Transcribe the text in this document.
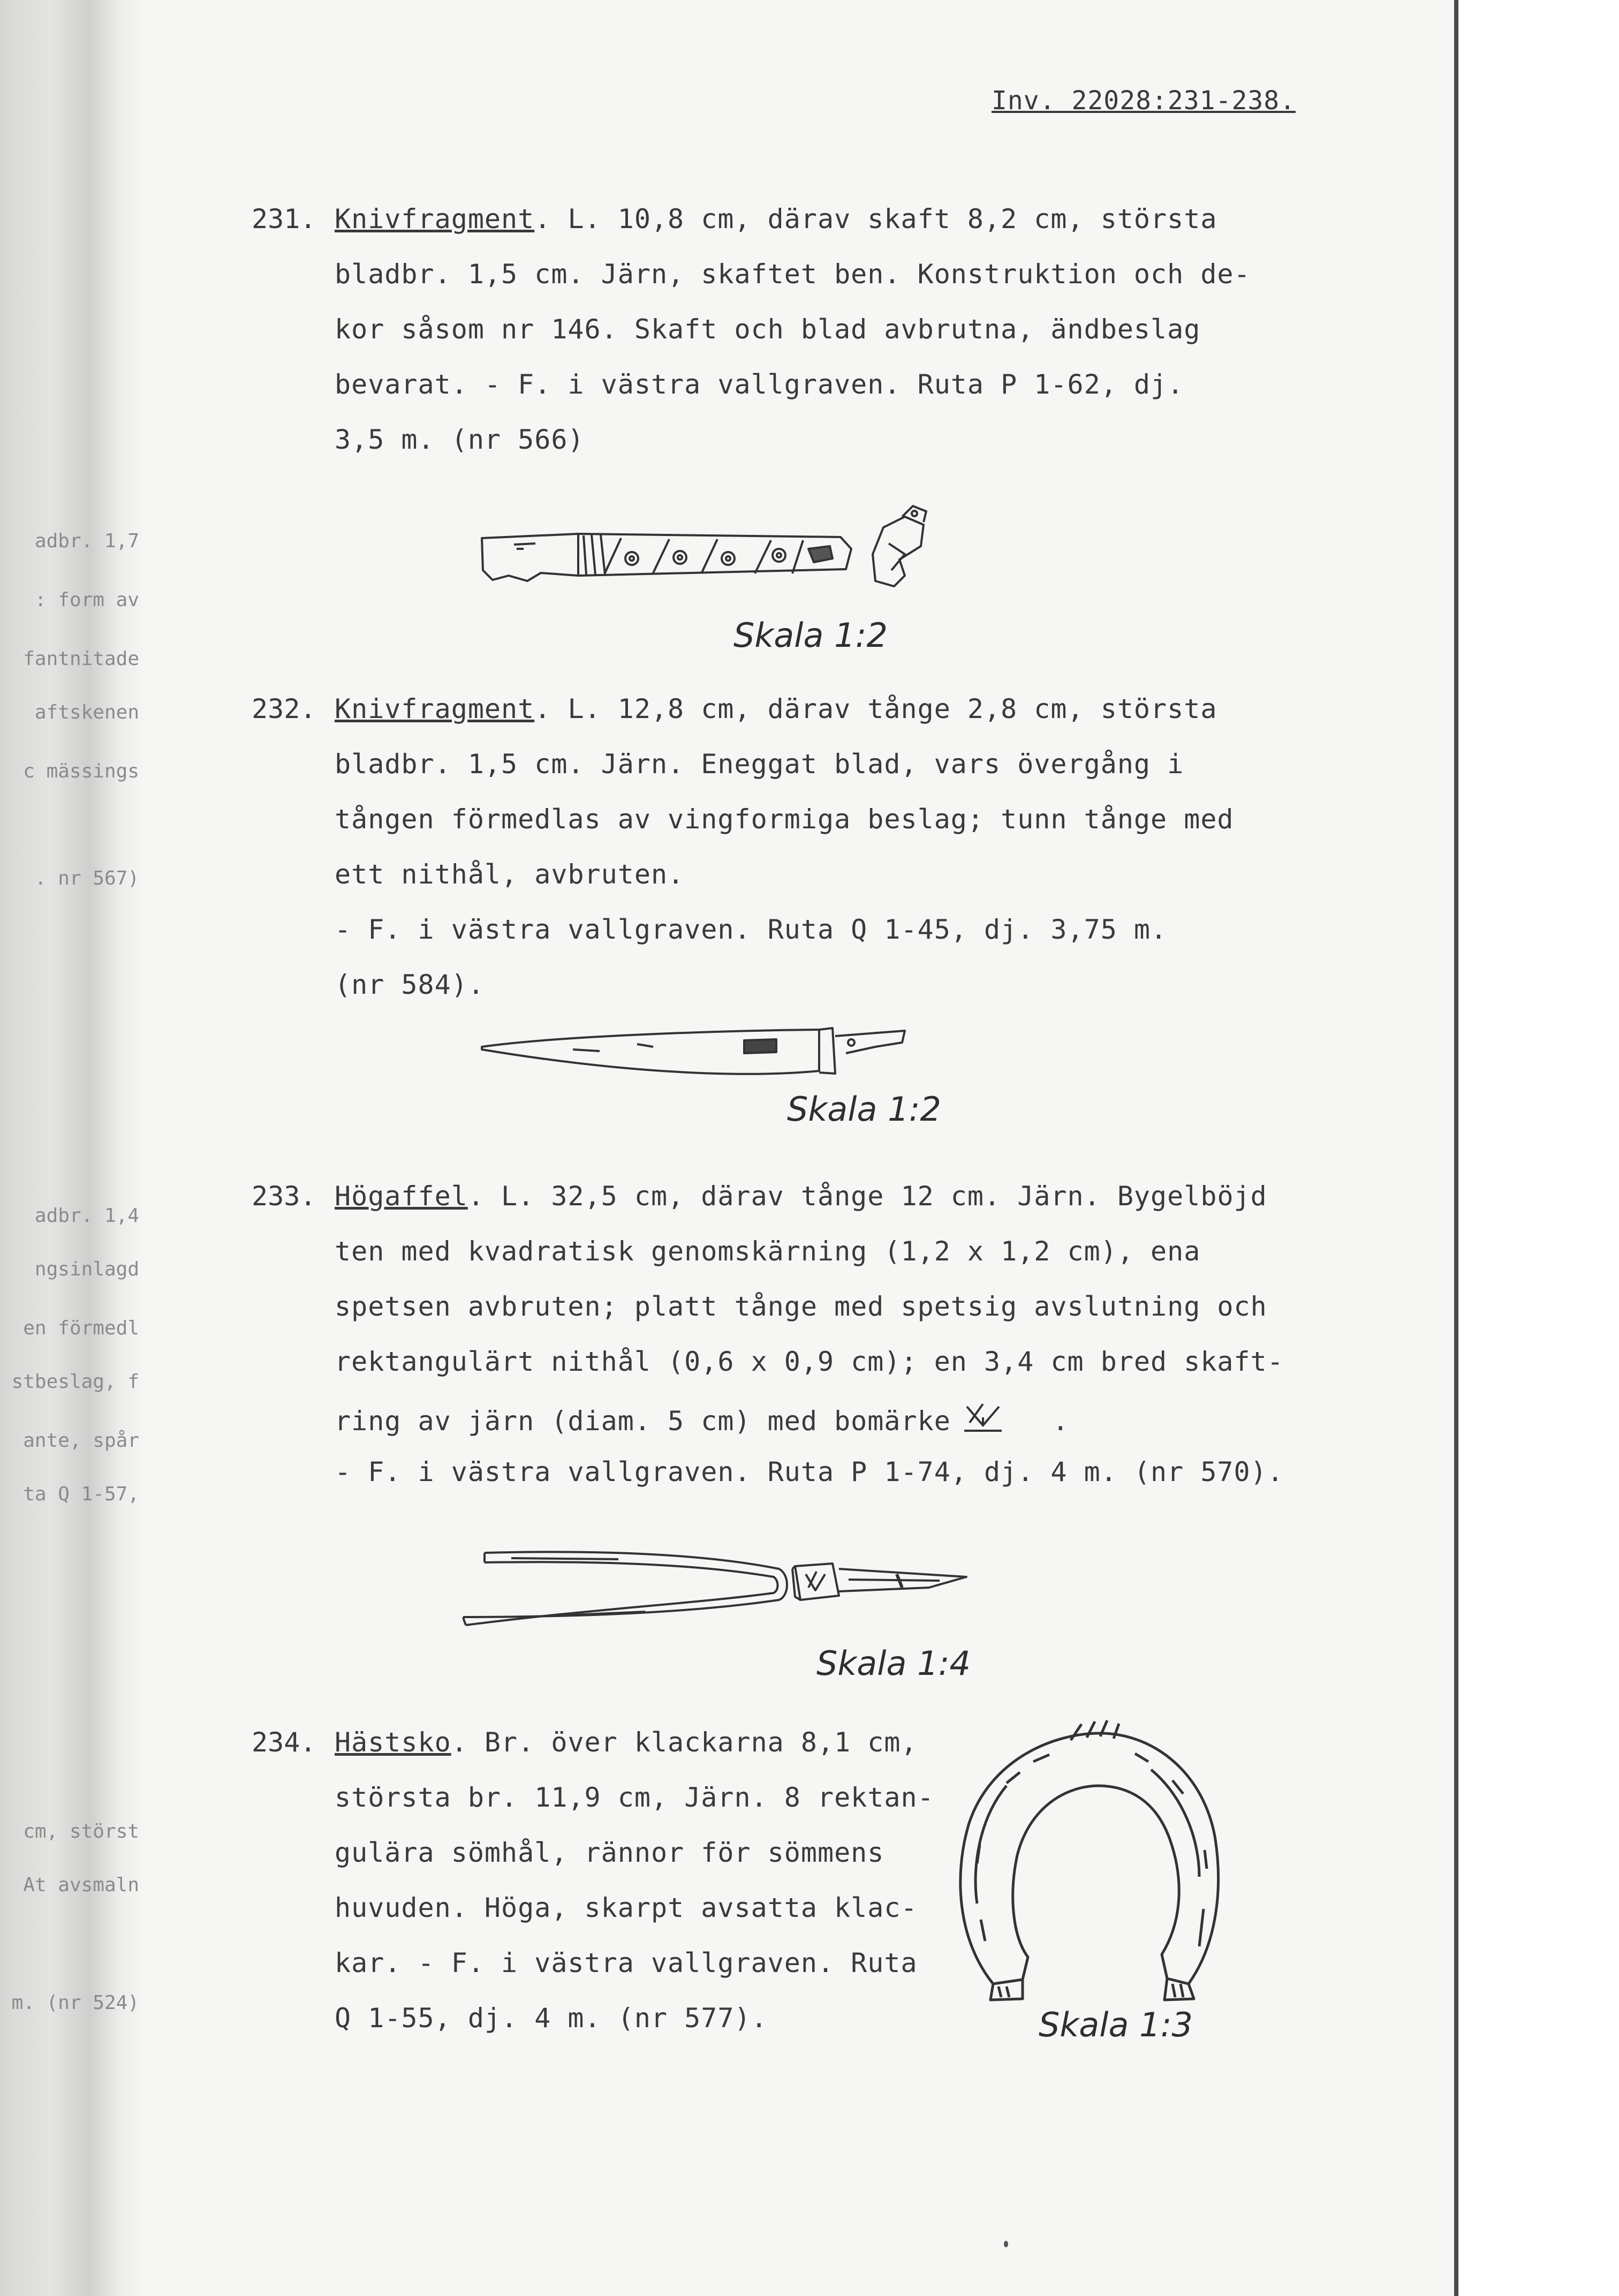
adbr. 1,7
: form av
fantnitade
aftskenen
c mässings
. nr 567)
adbr. 1,4
ngsinlagd
en förmedl
stbeslag, f
ante, spår
ta Q 1-57,
cm, störst
At avsmaln
m. (nr 524)
Inv. 22028:231-238.
231. Knivfragment. L. 10,8 cm, därav skaft 8,2 cm, största
bladbr. 1,5 cm. Järn, skaftet ben. Konstruktion och de-
kor såsom nr 146. Skaft och blad avbrutna, ändbeslag
bevarat. - F. i västra vallgraven. Ruta P 1-62, dj.
3,5 m. (nr 566)
Skala 1:2
232. Knivfragment. L. 12,8 cm, därav tånge 2,8 cm, största
bladbr. 1,5 cm. Järn. Eneggat blad, vars övergång i
tången förmedlas av vingformiga beslag; tunn tånge med
ett nithål, avbruten.
- F. i västra vallgraven. Ruta Q 1-45, dj. 3,75 m.
(nr 584).
Skala 1:2
233. Högaffel. L. 32,5 cm, därav tånge 12 cm. Järn. Bygelböjd
ten med kvadratisk genomskärning (1,2 x 1,2 cm), ena
spetsen avbruten; platt tånge med spetsig avslutning och
rektangulärt nithål (0,6 x 0,9 cm); en 3,4 cm bred skaft-
ring av järn (diam. 5 cm) med bomärke	.
- F. i västra vallgraven. Ruta P 1-74, dj. 4 m. (nr 570).
Skala 1:4
234. Hästsko. Br. över klackarna 8,1 cm,
största br. 11,9 cm, Järn. 8 rektan-
gulära sömhål, rännor för sömmens
huvuden. Höga, skarpt avsatta klac-
kar. - F. i västra vallgraven. Ruta
Q 1-55, dj. 4 m. (nr 577).	Skala 1:3
